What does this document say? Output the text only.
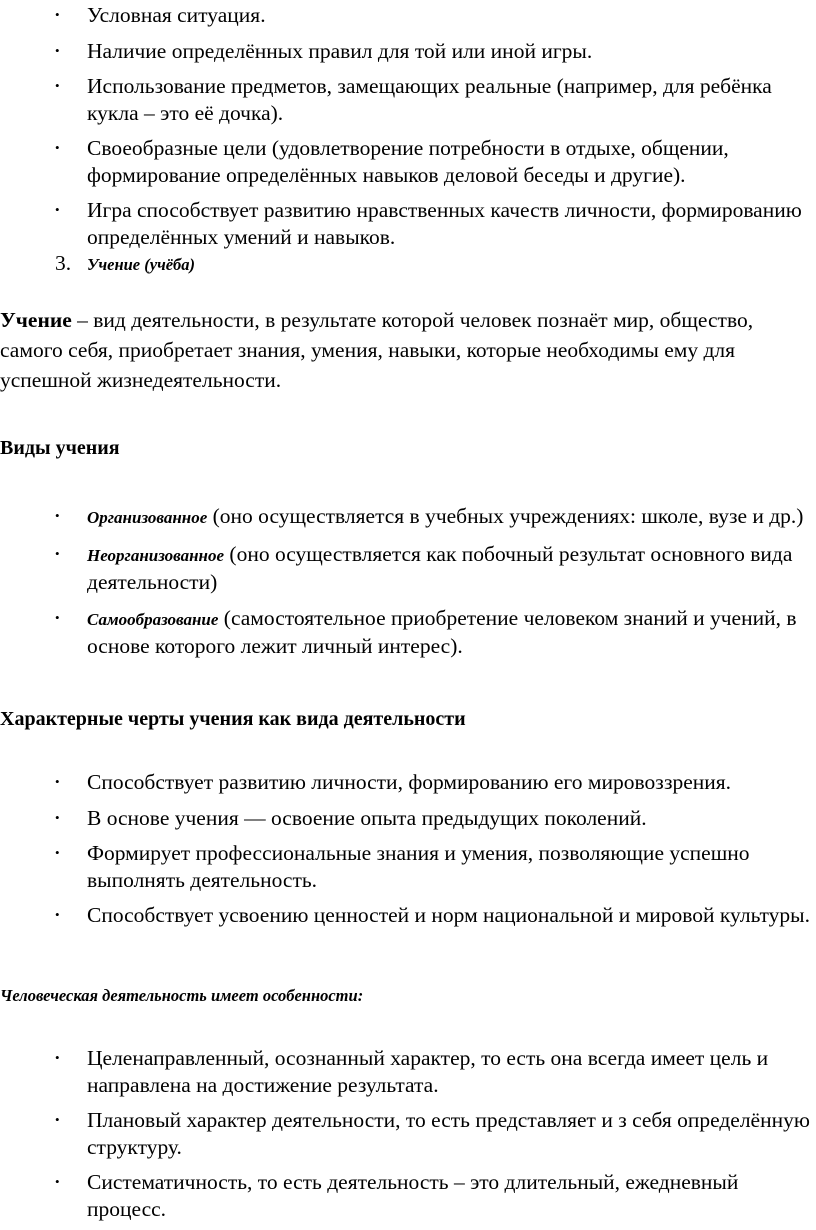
• Условная ситуация.
• Наличие определённых правил для той или иной игры.
• Использование предметов, замещающих реальные (например, для ребёнка кукла – это её дочка).
• Своеобразные цели (удовлетворение потребности в отдыхе, общении, формирование определённых навыков деловой беседы и другие).
• Игра способствует развитию нравственных качеств личности, формированию определённых умений и навыков.
3. Учение (учёба)

Учение – вид деятельности, в результате которой человек познаёт мир, общество, самого себя, приобретает знания, умения, навыки, которые необходимы ему для успешной жизнедеятельности.

Виды учения
• Организованное (оно осуществляется в учебных учреждениях: школе, вузе и др.)
• Неорганизованное (оно осуществляется как побочный результат основного вида деятельности)
• Самообразование (самостоятельное приобретение человеком знаний и учений, в основе которого лежит личный интерес).
Характерные черты учения как вида деятельности
• Способствует развитию личности, формированию его мировоззрения.
• В основе учения — освоение опыта предыдущих поколений.
• Формирует профессиональные знания и умения, позволяющие успешно выполнять деятельность.
• Способствует усвоению ценностей и норм национальной и мировой культуры.
Человеческая деятельность имеет особенности:
• Целенаправленный, осознанный характер, то есть она всегда имеет цель и направлена на достижение результата.
• Плановый характер деятельности, то есть представляет и з себя определённую структуру.
• Систематичность, то есть деятельность – это длительный, ежедневный процесс.
